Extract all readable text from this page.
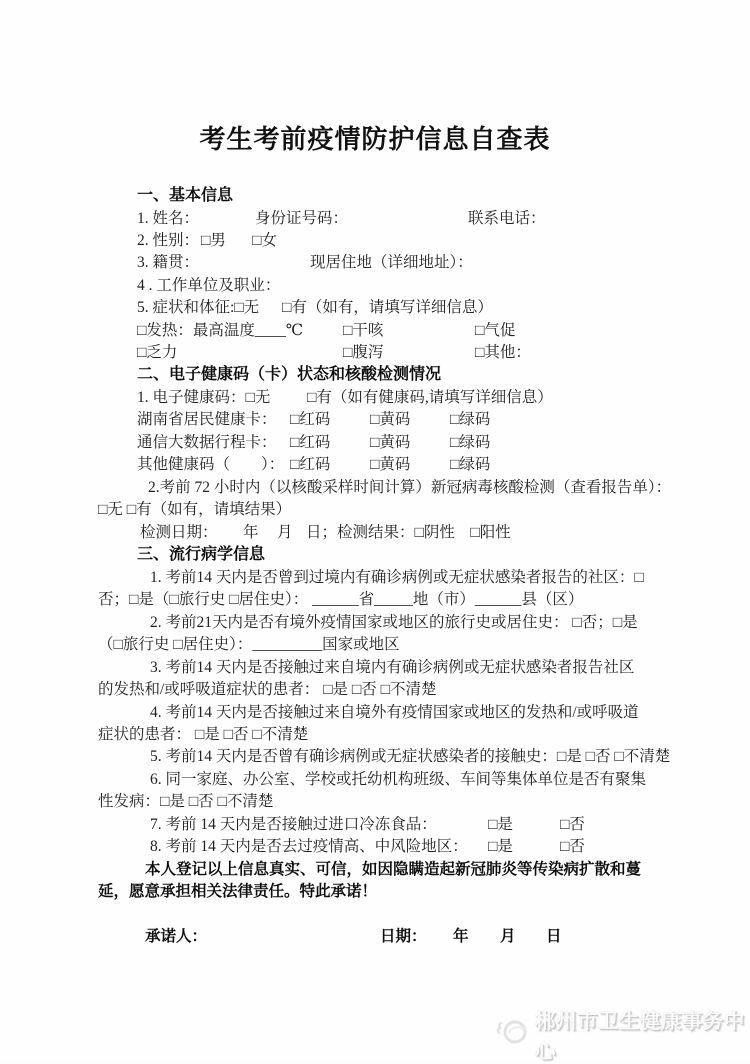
考生考前疫情防护信息自查表
一、基本信息
1. 姓名：	身份证号码：	联系电话：
2. 性别： □男 □女
3. 籍贯：	现居住地（详细地址）：
4 . 工作单位及职业：
5. 症状和体征:□无 □有（如有，请填写详细信息）
□发热：最高温度____℃	□干咳	□气促
□乏力	□腹泻	□其他：
二、电子健康码（卡）状态和核酸检测情况
1. 电子健康码：□无 □有（如有健康码,请填写详细信息）
湖南省居民健康卡： □红码	□黄码	□绿码
通信大数据行程卡： □红码	□黄码	□绿码
其他健康码（　　）： □红码	□黄码	□绿码
2.考前 72 小时内（以核酸采样时间计算）新冠病毒核酸检测（查看报告单）：
□无 □有（如有，请填结果）
检测日期： 年 月 日；检测结果：□阴性　□阳性
三、流行病学信息
1. 考前14 天内是否曾到过境内有确诊病例或无症状感染者报告的社区：□
否；□是（□旅行史 □居住史）： ______省_____地（市）______县（区）
2. 考前21天内是否有境外疫情国家或地区的旅行史或居住史： □否；□是
（□旅行史 □居住史）：_________国家或地区
3. 考前14 天内是否接触过来自境内有确诊病例或无症状感染者报告社区
的发热和/或呼吸道症状的患者： □是 □否 □不清楚
4. 考前14 天内是否接触过来自境外有疫情国家或地区的发热和/或呼吸道
症状的患者： □是 □否 □不清楚
5. 考前14 天内是否曾有确诊病例或无症状感染者的接触史：□是 □否 □不清楚
6. 同一家庭、办公室、学校或托幼机构班级、车间等集体单位是否有聚集
性发病：□是 □否 □不清楚
7. 考前 14 天内是否接触过进口冷冻食品：	□是	□否
8. 考前 14 天内是否去过疫情高、中风险地区： □是	□否
本人登记以上信息真实、可信，如因隐瞒造起新冠肺炎等传染病扩散和蔓
延，愿意承担相关法律责任。特此承诺！
承诺人：	日期： 年 月 日
郴州市卫生健康事务中心
